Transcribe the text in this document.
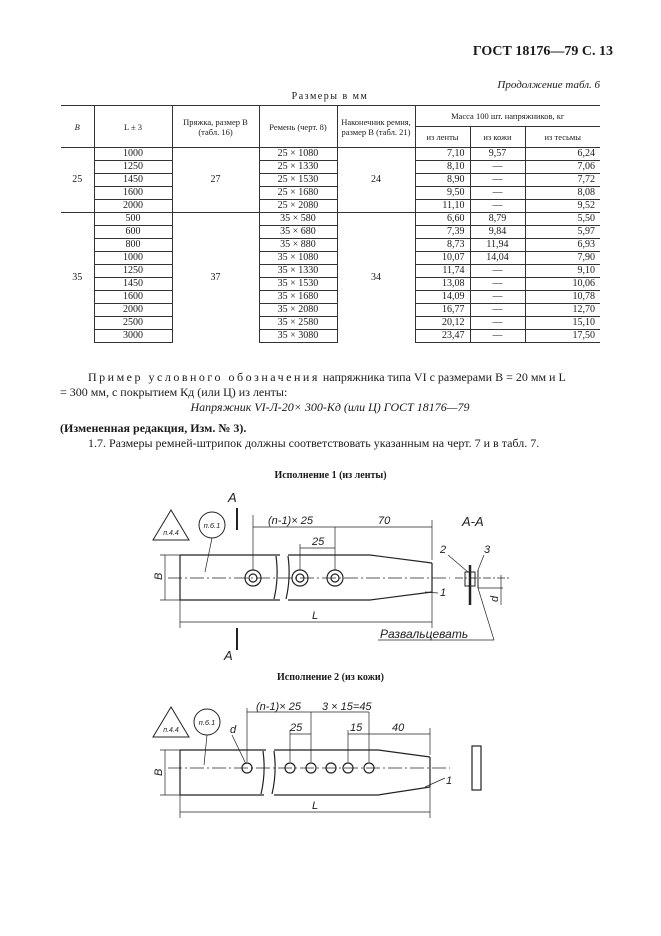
ГОСТ 18176—79 С. 13
Продолжение табл. 6
Размеры в мм
B	L ± 3	Пряжка, размер B (табл. 16)	Ремень (черт. 8)	Наконечник ремня, размер B (табл. 21)	Масса 100 шт. напряжников, кг		
					из ленты	из кожи	из тесьмы
25	1000	27	25 × 1080	24	7,10	9,57	6,24
	1250		25 × 1330		8,10	—	7,06
	1450		25 × 1530		8,90	—	7,72
	1600		25 × 1680		9,50	—	8,08
	2000		25 × 2080		11,10	—	9,52
35	500	37	35 × 580	34	6,60	8,79	5,50
	600		35 × 680		7,39	9,84	5,97
	800		35 × 880		8,73	11,94	6,93
	1000		35 × 1080		10,07	14,04	7,90
	1250		35 × 1330		11,74	—	9,10
	1450		35 × 1530		13,08	—	10,06
	1600		35 × 1680		14,09	—	10,78
	2000		35 × 2080		16,77	—	12,70
	2500		35 × 2580		20,12	—	15,10
	3000		35 × 3080		23,47	—	17,50
Пример условного обозначения напряжника типа VI с размерами B = 20 мм и L
= 300 мм, с покрытием Кд (или Ц) из ленты:
Напряжник VI-Л-20× 300-Кд (или Ц) ГОСТ 18176—79
(Измененная редакция, Изм. № 3).
1.7. Размеры ремней-штрипок должны соответствовать указанным на черт. 7 и в табл. 7.
Исполнение 1 (из ленты)
Исполнение 2 (из кожи)
п.4.4
п.6.1
А
А
(n-1)× 25	70
25
B
L
1
А-А
2	3
d
Развальцевать
п.4.4
п.6.1
d
(n-1)× 25 3 × 15=45
25	15	40
B
L
1
